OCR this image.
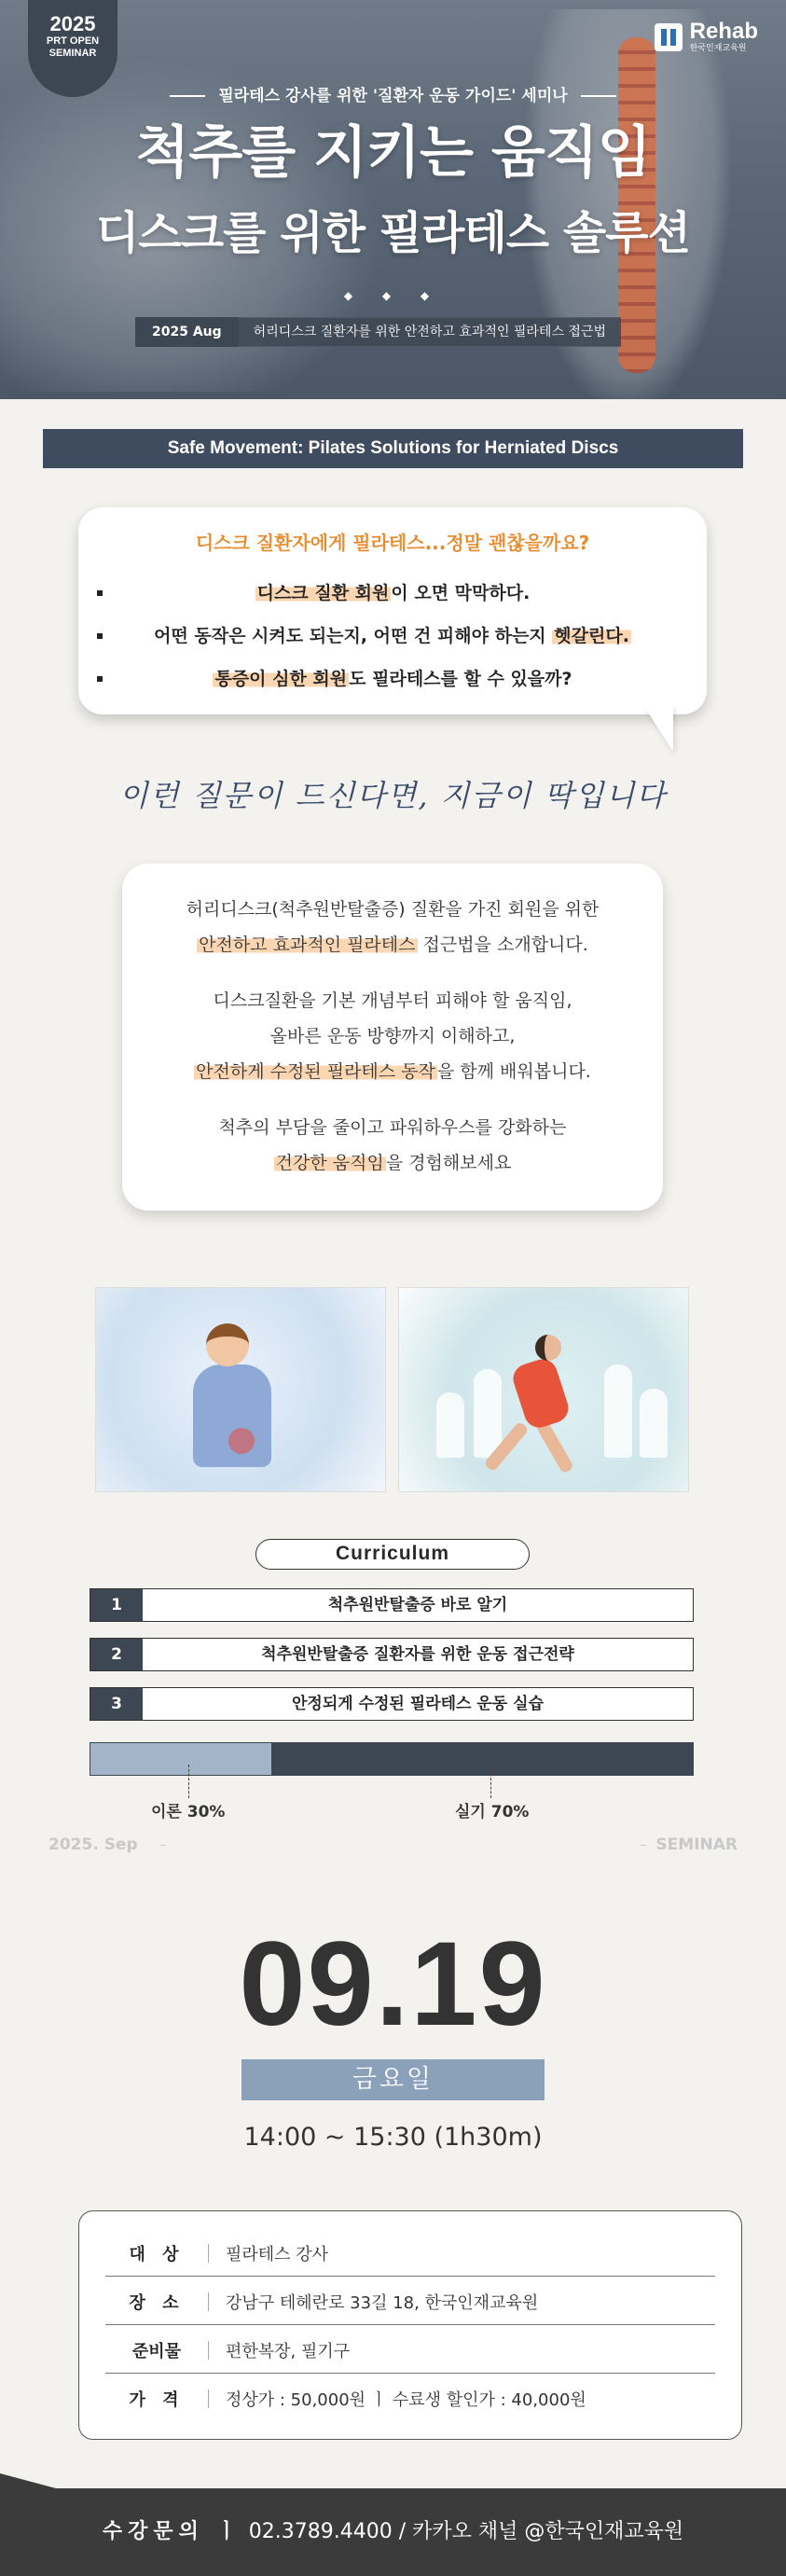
2025
PRT OPEN
SEMINAR
Rehab
한국인재교육원
필라테스 강사를 위한 '질환자 운동 가이드' 세미나
척추를 지키는 움직임
디스크를 위한 필라테스 솔루션
◆ ◆ ◆
2025 Aug	허리디스크 질환자를 위한 안전하고 효과적인 필라테스 접근법
Safe Movement: Pilates Solutions for Herniated Discs
디스크 질환자에게 필라테스...정말 괜찮을까요?
디스크 질환 회원 이 오면 막막하다.
어떤 동작은 시켜도 되는지, 어떤 건 피해야 하는지 헷갈린다.
통증이 심한 회원 도 필라테스를 할 수 있을까?
이런 질문이 드신다면, 지금이 딱입니다

허리디스크(척추원반탈출증) 질환을 가진 회원을 위한

안전하고 효과적인 필라테스 접근법을 소개합니다.

디스크질환을 기본 개념부터 피해야 할 움직임,

올바른 운동 방향까지 이해하고,

안전하게 수정된 필라테스 동작 을 함께 배워봅니다.

척추의 부담을 줄이고 파워하우스를 강화하는

건강한 움직임 을 경험해보세요

Curriculum
1	척추원반탈출증 바로 알기
2	척추원반탈출증 질환자를 위한 운동 접근전략
3	안정되게 수정된 필라테스 운동 실습
이론 30%	실기 70%
2025. Sep	SEMINAR
09.19
금요일
14:00 ~ 15:30 (1h30m)
대 상	필라테스 강사
장 소	강남구 테헤란로 33길 18, 한국인재교육원
준비물	편한복장, 필기구
가 격	정상가 : 50,000원 ㅣ 수료생 할인가 : 40,000원
수강문의 ㅣ 02.3789.4400 / 카카오 채널 @한국인재교육원
